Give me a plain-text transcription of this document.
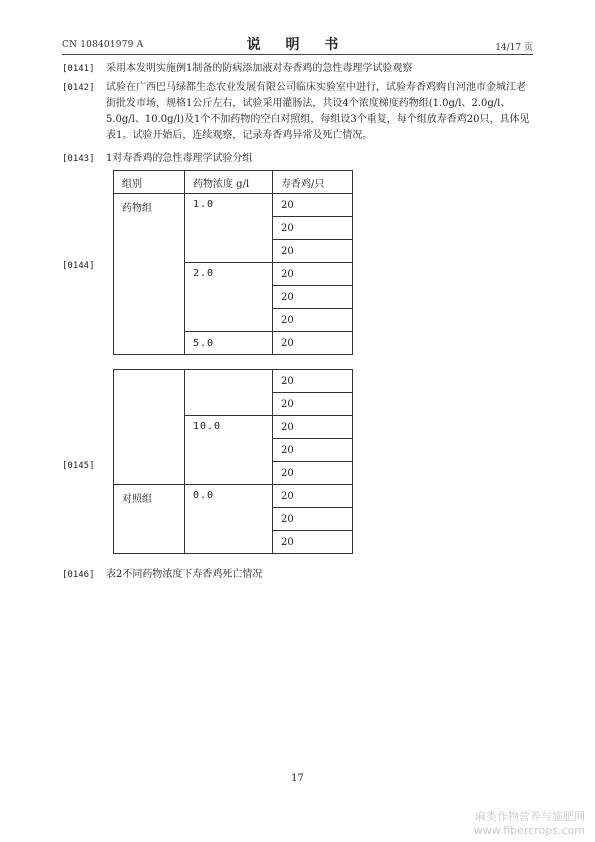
CN 108401979 A	说 明 书	14/17 页
[0141] 采用本发明实施例1制备的防病添加液对寿香鸡的急性毒理学试验观察
[0142] 试验在广西巴马绿都生态农业发展有限公司临床实验室中进行，试验寿香鸡购自河池市金城江老街批发市场，规格1公斤左右，试验采用灌肠法，共设4个浓度梯度药物组(1.0g/l、2.0g/l、5.0g/l、10.0g/l)及1个不加药物的空白对照组，每组设3个重复，每个组放寿香鸡20只，具体见表1。试验开始后，连续观察，记录寿香鸡异常及死亡情况。
[0143] 1对寿香鸡的急性毒理学试验分组
[0144]
组别	药物浓度 g/l	寿香鸡/只
药物组	1.0	20
		20
		20
	2.0	20
		20
		20
	5.0	20
[0145]
		20
		20
	10.0	20
		20
		20
对照组	0.0	20
		20
		20
[0146] 表2不同药物浓度下寿香鸡死亡情况
17
麻类作物营养与施肥网
www.fibercrops.com
